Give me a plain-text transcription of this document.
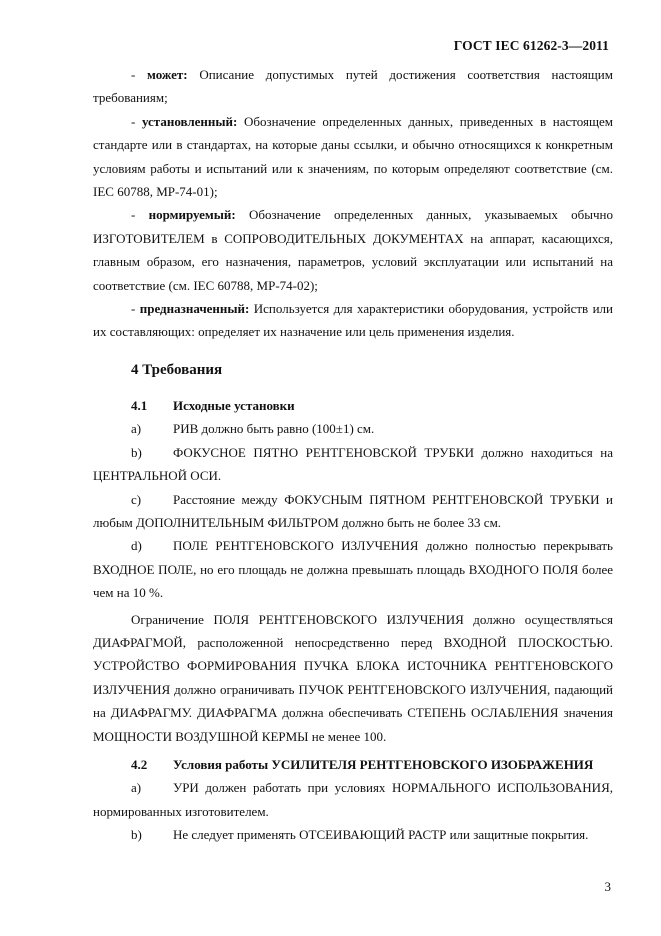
ГОСТ IEC 61262-3—2011

- может: Описание допустимых путей достижения соответствия настоящим требованиям;

- установленный: Обозначение определенных данных, приведенных в настоящем стандарте или в стандартах, на которые даны ссылки, и обычно относящихся к конкретным условиям работы и испытаний или к значениям, по которым определяют соответствие (см. IEC 60788, МР-74-01);

- нормируемый: Обозначение определенных данных, указываемых обычно ИЗГОТОВИТЕЛЕМ в СОПРОВОДИТЕЛЬНЫХ ДОКУМЕНТАХ на аппарат, касающихся, главным образом, его назначения, параметров, условий эксплуатации или испытаний на соответствие (см. IEC 60788, МР-74-02);

- предназначенный: Используется для характеристики оборудования, устройств или их составляющих: определяет их назначение или цель применения изделия.

4 Требования
4.1	Исходные установки

a) РИВ должно быть равно (100±1) см.

b) ФОКУСНОЕ ПЯТНО РЕНТГЕНОВСКОЙ ТРУБКИ должно находиться на ЦЕНТРАЛЬНОЙ ОСИ.

c) Расстояние между ФОКУСНЫМ ПЯТНОМ РЕНТГЕНОВСКОЙ ТРУБКИ и любым ДОПОЛНИТЕЛЬНЫМ ФИЛЬТРОМ должно быть не более 33 см.

d) ПОЛЕ РЕНТГЕНОВСКОГО ИЗЛУЧЕНИЯ должно полностью перекрывать ВХОДНОЕ ПОЛЕ, но его площадь не должна превышать площадь ВХОДНОГО ПОЛЯ более чем на 10 %.

Ограничение ПОЛЯ РЕНТГЕНОВСКОГО ИЗЛУЧЕНИЯ должно осуществляться ДИАФРАГМОЙ, расположенной непосредственно перед ВХОДНОЙ ПЛОСКОСТЬЮ. УСТРОЙСТВО ФОРМИРОВАНИЯ ПУЧКА БЛОКА ИСТОЧНИКА РЕНТГЕНОВСКОГО ИЗЛУЧЕНИЯ должно ограничивать ПУЧОК РЕНТГЕНОВСКОГО ИЗЛУЧЕНИЯ, падающий на ДИАФРАГМУ. ДИАФРАГМА должна обеспечивать СТЕПЕНЬ ОСЛАБЛЕНИЯ значения МОЩНОСТИ ВОЗДУШНОЙ КЕРМЫ не менее 100.

4.2	Условия работы УСИЛИТЕЛЯ РЕНТГЕНОВСКОГО ИЗОБРАЖЕНИЯ

a) УРИ должен работать при условиях НОРМАЛЬНОГО ИСПОЛЬЗОВАНИЯ, нормированных изготовителем.

b) Не следует применять ОТСЕИВАЮЩИЙ РАСТР или защитные покрытия.

3
